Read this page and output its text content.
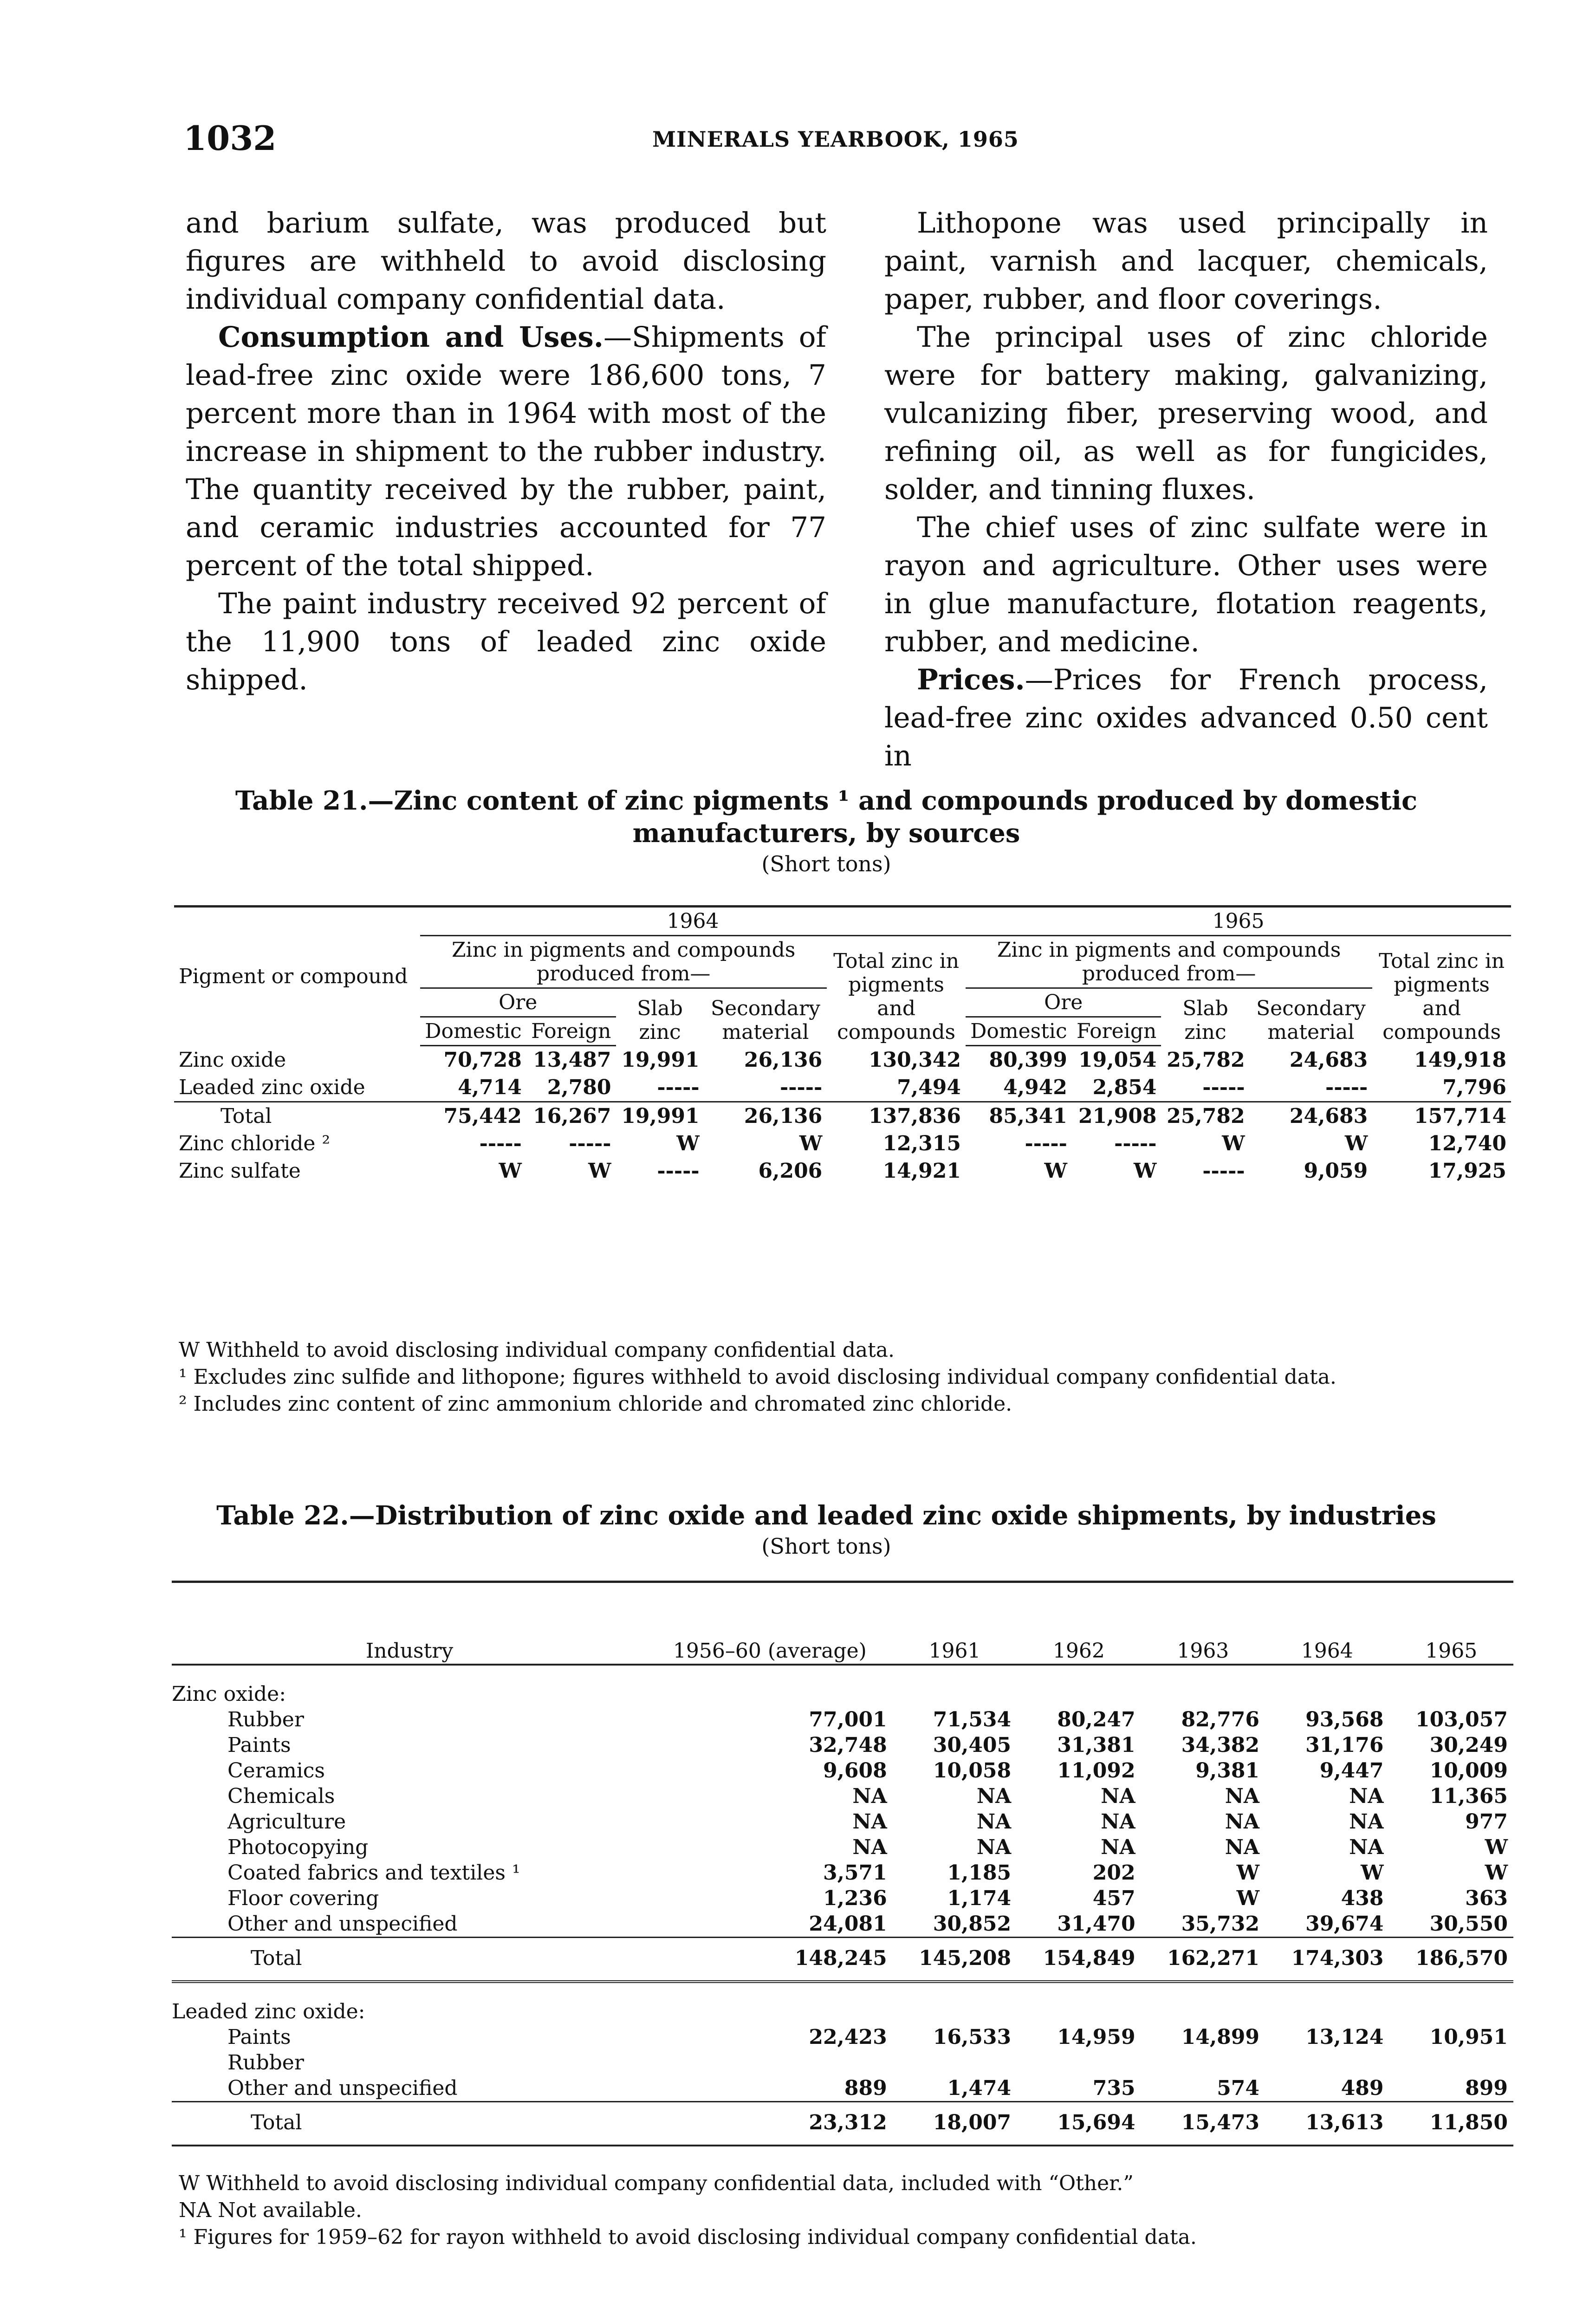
1032	MINERALS YEARBOOK, 1965

and barium sulfate, was produced but figures are withheld to avoid disclosing individual company confidential data.

Consumption and Uses.—Shipments of lead-free zinc oxide were 186,600 tons, 7 percent more than in 1964 with most of the increase in shipment to the rubber industry. The quantity received by the rubber, paint, and ceramic industries accounted for 77 percent of the total shipped.

The paint industry received 92 percent of the 11,900 tons of leaded zinc oxide shipped.

Lithopone was used principally in paint, varnish and lacquer, chemicals, paper, rubber, and floor coverings.

The principal uses of zinc chloride were for battery making, galvanizing, vulcanizing fiber, preserving wood, and refining oil, as well as for fungicides, solder, and tinning fluxes.

The chief uses of zinc sulfate were in rayon and agriculture. Other uses were in glue manufacture, flotation reagents, rubber, and medicine.

Prices.—Prices for French process, lead-free zinc oxides advanced 0.50 cent in

Table 21.—Zinc content of zinc pigments ¹ and compounds produced by domestic manufacturers, by sources
(Short tons)
Pigment or compound	1964					1965				
	Zinc in pigments and compounds produced from—				Total zinc in pigments and compounds	Zinc in pigments and compounds produced from—				Total zinc in pigments and compounds
	Ore		Slab zinc	Secondary material		Ore		Slab zinc	Secondary material	
	Domestic	Foreign				Domestic	Foreign			
Zinc oxide	70,728	13,487	19,991	26,136	130,342	80,399	19,054	25,782	24,683	149,918
Leaded zinc oxide	4,714	2,780	-----	-----	7,494	4,942	2,854	-----	-----	7,796
Total	75,442	16,267	19,991	26,136	137,836	85,341	21,908	25,782	24,683	157,714
Zinc chloride ²	-----	-----	W	W	12,315	-----	-----	W	W	12,740
Zinc sulfate	W	W	-----	6,206	14,921	W	W	-----	9,059	17,925

W Withheld to avoid disclosing individual company confidential data.

¹ Excludes zinc sulfide and lithopone; figures withheld to avoid disclosing individual company confidential data.

² Includes zinc content of zinc ammonium chloride and chromated zinc chloride.

Table 22.—Distribution of zinc oxide and leaded zinc oxide shipments, by industries
(Short tons)
Industry	1956–60 (average)	1961	1962	1963	1964	1965

Zinc oxide:						
Rubber	77,001	71,534	80,247	82,776	93,568	103,057
Paints	32,748	30,405	31,381	34,382	31,176	30,249
Ceramics	9,608	10,058	11,092	9,381	9,447	10,009
Chemicals	NA	NA	NA	NA	NA	11,365
Agriculture	NA	NA	NA	NA	NA	977
Photocopying	NA	NA	NA	NA	NA	W
Coated fabrics and textiles ¹	3,571	1,185	202	W	W	W
Floor covering	1,236	1,174	457	W	438	363
Other and unspecified	24,081	30,852	31,470	35,732	39,674	30,550
Total	148,245	145,208	154,849	162,271	174,303	186,570

Leaded zinc oxide:						
Paints	22,423	16,533	14,959	14,899	13,124	10,951
Rubber						
Other and unspecified	889	1,474	735	574	489	899
Total	23,312	18,007	15,694	15,473	13,613	11,850

W Withheld to avoid disclosing individual company confidential data, included with “Other.”

NA Not available.

¹ Figures for 1959–62 for rayon withheld to avoid disclosing individual company confidential data.
